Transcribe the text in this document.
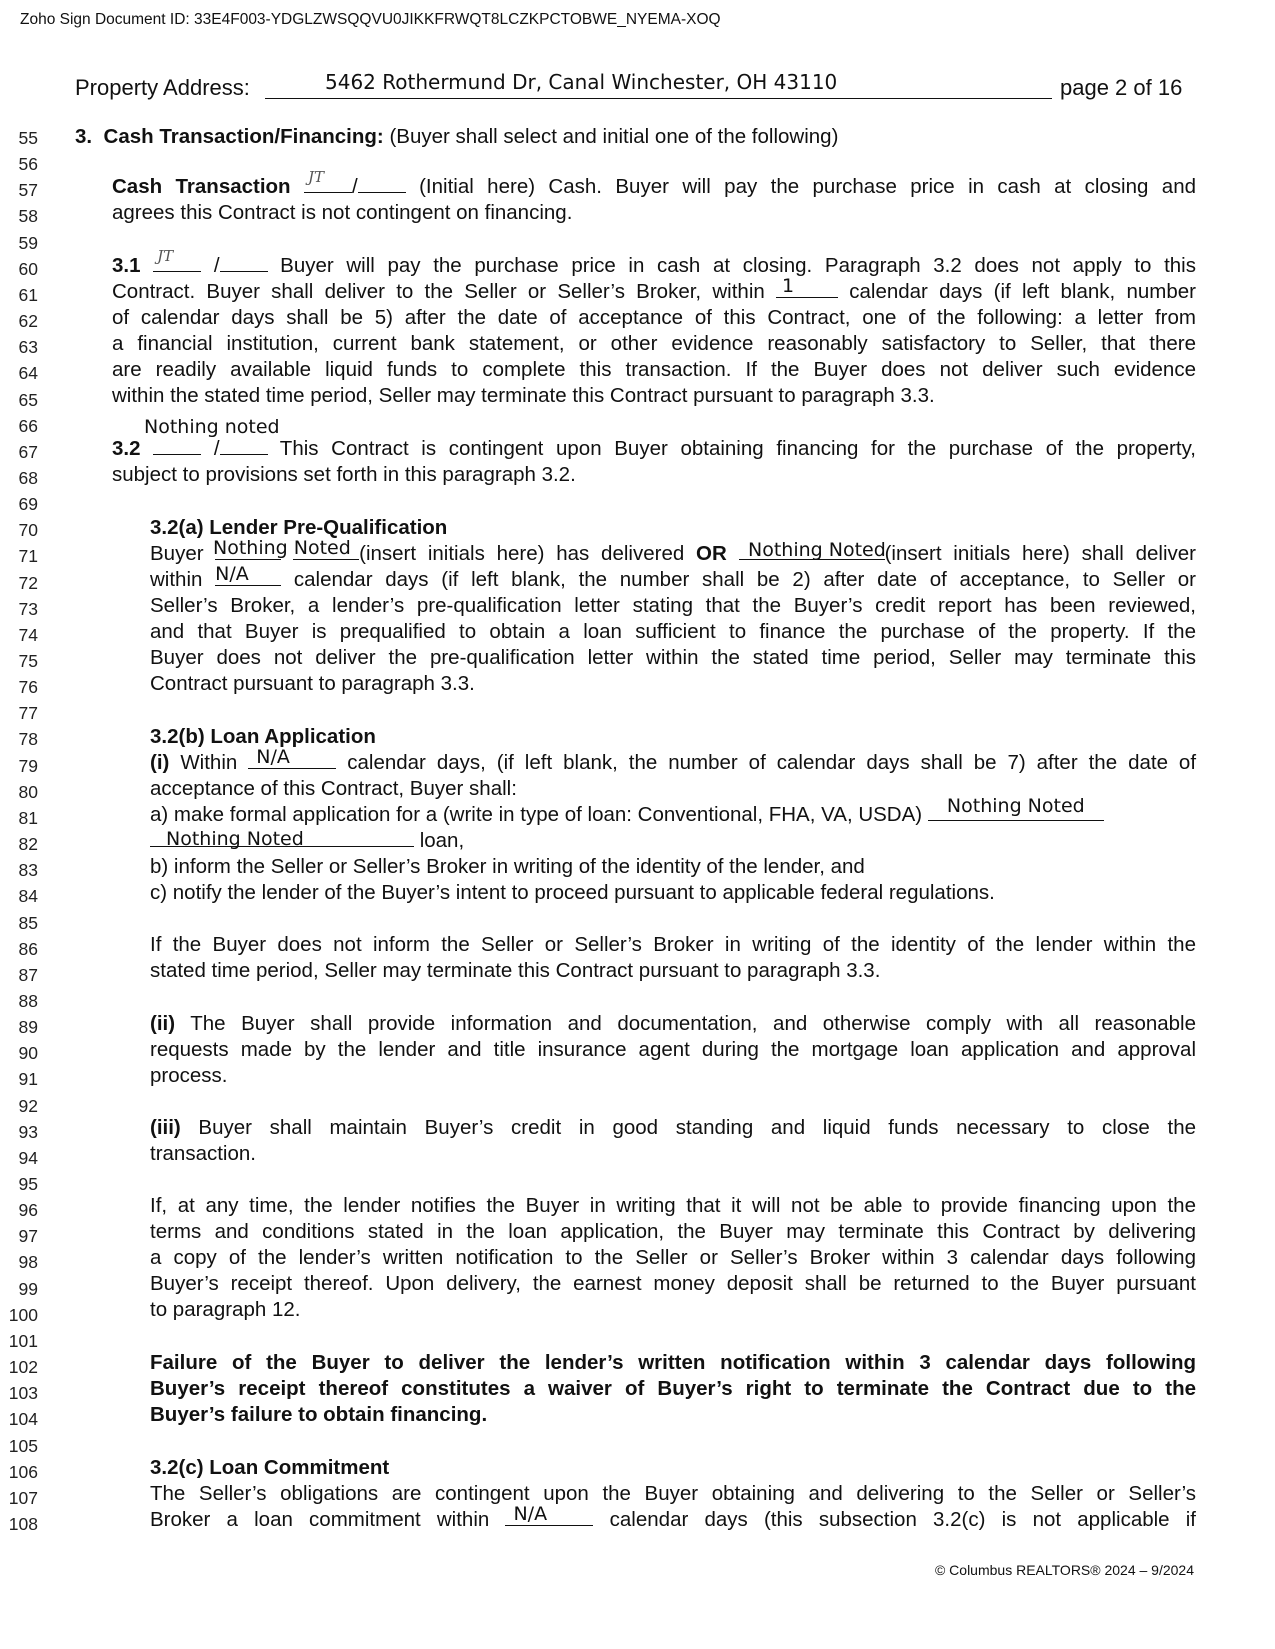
Zoho Sign Document ID: 33E4F003-YDGLZWSQQVU0JIKKFRWQT8LCZKPCTOBWE_NYEMA-XOQ
Property Address:	5462 Rothermund Dr, Canal Winchester, OH 43110	page 2 of 16
55
56
57
58
59
60
61
62
63
64
65
66
67
68
69
70
71
72
73
74
75
76
77
78
79
80
81
82
83
84
85
86
87
88
89
90
91
92
93
94
95
96
97
98
99
100
101
102
103
104
105
106
107
108
3. Cash Transaction/Financing: (Buyer shall select and initial one of the following)
Cash Transaction JT /	(Initial here) Cash. Buyer will pay the purchase price in cash at closing and
agrees this Contract is not contingent on financing.
3.1 JT /	Buyer will pay the purchase price in cash at closing. Paragraph 3.2 does not apply to this
Contract. Buyer shall deliver to the Seller or Seller’s Broker, within 1	calendar days (if left blank, number
of calendar days shall be 5) after the date of acceptance of this Contract, one of the following: a letter from
a financial institution, current bank statement, or other evidence reasonably satisfactory to Seller, that there
are readily available liquid funds to complete this transaction. If the Buyer does not deliver such evidence
within the stated time period, Seller may terminate this Contract pursuant to paragraph 3.3.
Nothing noted
3.2	/	This Contract is contingent upon Buyer obtaining financing for the purchase of the property,
subject to provisions set forth in this paragraph 3.2.
3.2(a) Lender Pre-Qualification
Buyer	(insert initials here) has delivered OR	(insert initials here) shall deliver
Nothing Noted	Nothing Noted
within N/A	calendar days (if left blank, the number shall be 2) after date of acceptance, to Seller or
Seller’s Broker, a lender’s pre-qualification letter stating that the Buyer’s credit report has been reviewed,
and that Buyer is prequalified to obtain a loan sufficient to finance the purchase of the property. If the
Buyer does not deliver the pre-qualification letter within the stated time period, Seller may terminate this
Contract pursuant to paragraph 3.3.
3.2(b) Loan Application
(i) Within N/A	calendar days, (if left blank, the number of calendar days shall be 7) after the date of
acceptance of this Contract, Buyer shall:
a) make formal application for a (write in type of loan: Conventional, FHA, VA, USDA)	Nothing Noted
Nothing Noted	loan,
b) inform the Seller or Seller’s Broker in writing of the identity of the lender, and
c) notify the lender of the Buyer’s intent to proceed pursuant to applicable federal regulations.
If the Buyer does not inform the Seller or Seller’s Broker in writing of the identity of the lender within the
stated time period, Seller may terminate this Contract pursuant to paragraph 3.3.
(ii) The Buyer shall provide information and documentation, and otherwise comply with all reasonable
requests made by the lender and title insurance agent during the mortgage loan application and approval
process.
(iii) Buyer shall maintain Buyer’s credit in good standing and liquid funds necessary to close the
transaction.
If, at any time, the lender notifies the Buyer in writing that it will not be able to provide financing upon the
terms and conditions stated in the loan application, the Buyer may terminate this Contract by delivering
a copy of the lender’s written notification to the Seller or Seller’s Broker within 3 calendar days following
Buyer’s receipt thereof. Upon delivery, the earnest money deposit shall be returned to the Buyer pursuant
to paragraph 12.
Failure of the Buyer to deliver the lender’s written notification within 3 calendar days following
Buyer’s receipt thereof constitutes a waiver of Buyer’s right to terminate the Contract due to the
Buyer’s failure to obtain financing.
3.2(c) Loan Commitment
The Seller’s obligations are contingent upon the Buyer obtaining and delivering to the Seller or Seller’s
Broker a loan commitment within N/A	calendar days (this subsection 3.2(c) is not applicable if
© Columbus REALTORS® 2024 – 9/2024
